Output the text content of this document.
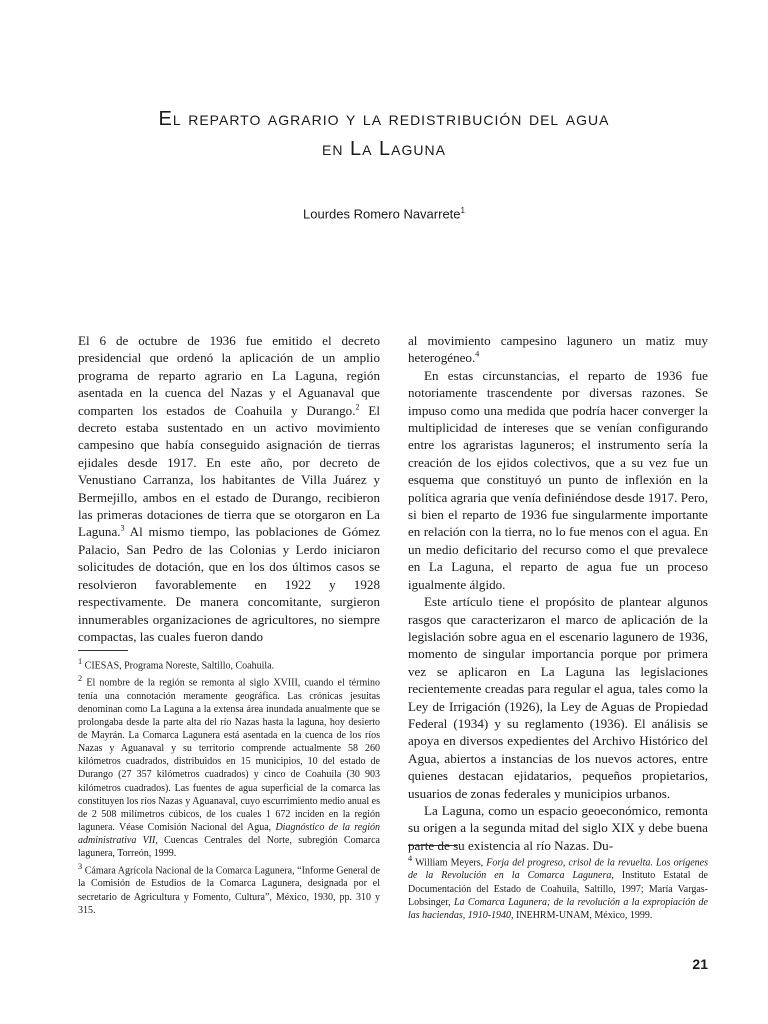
El reparto agrario y la redistribución del agua
en La Laguna
Lourdes Romero Navarrete$^1$

El 6 de octubre de 1936 fue emitido el decreto presidencial que ordenó la aplicación de un amplio programa de reparto agrario en La Laguna, región asentada en la cuenca del Nazas y el Aguanaval que comparten los estados de Coahuila y Durango.$^2$ El decreto estaba sustentado en un activo movimiento campesino que había conseguido asignación de tierras ejidales desde 1917. En este año, por decreto de Venustiano Carranza, los habitantes de Villa Juárez y Bermejillo, ambos en el estado de Durango, recibieron las primeras dotaciones de tierra que se otorgaron en La Laguna.$^3$ Al mismo tiempo, las poblaciones de Gómez Palacio, San Pedro de las Colonias y Lerdo iniciaron solicitudes de dotación, que en los dos últimos casos se resolvieron favorablemente en 1922 y 1928 respectivamente. De manera concomitante, surgieron innumerables organizaciones de agricultores, no siempre compactas, las cuales fueron dando

al movimiento campesino lagunero un matiz muy heterogéneo.$^4$

En estas circunstancias, el reparto de 1936 fue notoriamente trascendente por diversas razones. Se impuso como una medida que podría hacer converger la multiplicidad de intereses que se venían configurando entre los agraristas laguneros; el instrumento sería la creación de los ejidos colectivos, que a su vez fue un esquema que constituyó un punto de inflexión en la política agraria que venía definiéndose desde 1917. Pero, si bien el reparto de 1936 fue singularmente importante en relación con la tierra, no lo fue menos con el agua. En un medio deficitario del recurso como el que prevalece en La Laguna, el reparto de agua fue un proceso igualmente álgido.

Este artículo tiene el propósito de plantear algunos rasgos que caracterizaron el marco de aplicación de la legislación sobre agua en el escenario lagunero de 1936, momento de singular importancia porque por primera vez se aplicaron en La Laguna las legislaciones recientemente creadas para regular el agua, tales como la Ley de Irrigación (1926), la Ley de Aguas de Propiedad Federal (1934) y su reglamento (1936). El análisis se apoya en diversos expedientes del Archivo Histórico del Agua, abiertos a instancias de los nuevos actores, entre quienes destacan ejidatarios, pequeños propietarios, usuarios de zonas federales y municipios urbanos.

La Laguna, como un espacio geoeconómico, remonta su origen a la segunda mitad del siglo XIX y debe buena parte de su existencia al río Nazas. Du-

$^1$ CIESAS, Programa Noreste, Saltillo, Coahuila.

$^2$ El nombre de la región se remonta al siglo XVIII, cuando el término tenía una connotación meramente geográfica. Las crónicas jesuitas denominan como La Laguna a la extensa área inundada anualmente que se prolongaba desde la parte alta del río Nazas hasta la laguna, hoy desierto de Mayrán. La Comarca Lagunera está asentada en la cuenca de los ríos Nazas y Aguanaval y su territorio comprende actualmente 58 260 kilómetros cuadrados, distribuidos en 15 municipios, 10 del estado de Durango (27 357 kilómetros cuadrados) y cinco de Coahuila (30 903 kilómetros cuadrados). Las fuentes de agua superficial de la comarca las constituyen los ríos Nazas y Aguanaval, cuyo escurrimiento medio anual es de 2 508 milímetros cúbicos, de los cuales 1 672 inciden en la región lagunera. Véase Comisión Nacional del Agua, Diagnóstico de la región administrativa VII, Cuencas Centrales del Norte, subregión Comarca lagunera, Torreón, 1999.

$^3$ Cámara Agrícola Nacional de la Comarca Lagunera, “Informe General de la Comisión de Estudios de la Comarca Lagunera, designada por el secretario de Agricultura y Fomento, Cultura”, México, 1930, pp. 310 y 315.

$^4$ William Meyers, Forja del progreso, crisol de la revuelta. Los orígenes de la Revolución en la Comarca Lagunera, Instituto Estatal de Documentación del Estado de Coahuila, Saltillo, 1997; María Vargas-Lobsinger, La Comarca Lagunera; de la revolución a la expropiación de las haciendas, 1910-1940, INEHRM-UNAM, México, 1999.

21
